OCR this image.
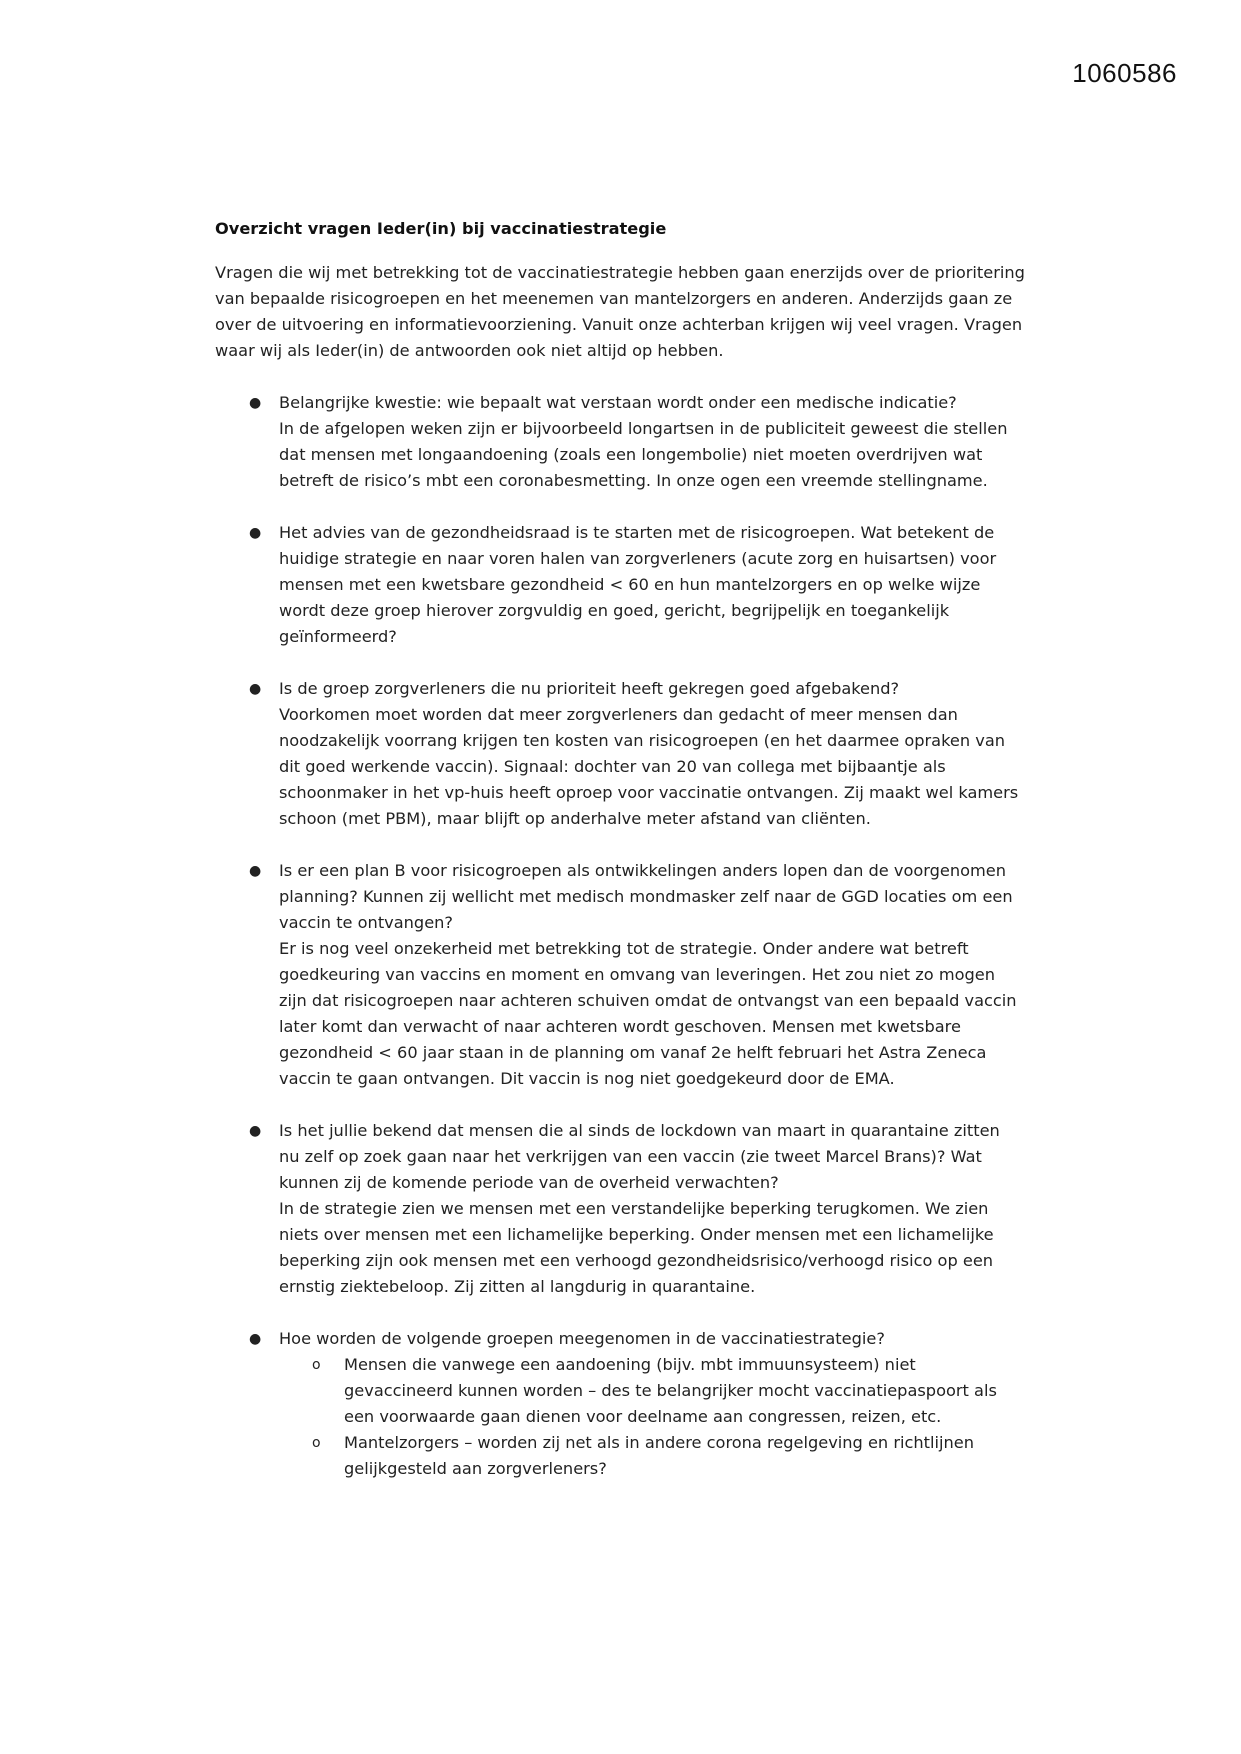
1060586
Overzicht vragen Ieder(in) bij vaccinatiestrategie
Vragen die wij met betrekking tot de vaccinatiestrategie hebben gaan enerzijds over de prioritering van bepaalde risicogroepen en het meenemen van mantelzorgers en anderen. Anderzijds gaan ze over de uitvoering en informatievoorziening. Vanuit onze achterban krijgen wij veel vragen. Vragen waar wij als Ieder(in) de antwoorden ook niet altijd op hebben.
● Belangrijke kwestie: wie bepaalt wat verstaan wordt onder een medische indicatie?
In de afgelopen weken zijn er bijvoorbeeld longartsen in de publiciteit geweest die stellen dat mensen met longaandoening (zoals een longembolie) niet moeten overdrijven wat betreft de risico’s mbt een coronabesmetting. In onze ogen een vreemde stellingname.
● Het advies van de gezondheidsraad is te starten met de risicogroepen. Wat betekent de huidige strategie en naar voren halen van zorgverleners (acute zorg en huisartsen) voor mensen met een kwetsbare gezondheid < 60 en hun mantelzorgers en op welke wijze wordt deze groep hierover zorgvuldig en goed, gericht, begrijpelijk en toegankelijk geïnformeerd?
● Is de groep zorgverleners die nu prioriteit heeft gekregen goed afgebakend?
Voorkomen moet worden dat meer zorgverleners dan gedacht of meer mensen dan noodzakelijk voorrang krijgen ten kosten van risicogroepen (en het daarmee opraken van dit goed werkende vaccin). Signaal: dochter van 20 van collega met bijbaantje als schoonmaker in het vp-huis heeft oproep voor vaccinatie ontvangen. Zij maakt wel kamers schoon (met PBM), maar blijft op anderhalve meter afstand van cliënten.
● Is er een plan B voor risicogroepen als ontwikkelingen anders lopen dan de voorgenomen planning? Kunnen zij wellicht met medisch mondmasker zelf naar de GGD locaties om een vaccin te ontvangen?
Er is nog veel onzekerheid met betrekking tot de strategie. Onder andere wat betreft goedkeuring van vaccins en moment en omvang van leveringen. Het zou niet zo mogen zijn dat risicogroepen naar achteren schuiven omdat de ontvangst van een bepaald vaccin later komt dan verwacht of naar achteren wordt geschoven. Mensen met kwetsbare gezondheid < 60 jaar staan in de planning om vanaf 2e helft februari het Astra Zeneca vaccin te gaan ontvangen. Dit vaccin is nog niet goedgekeurd door de EMA.
● Is het jullie bekend dat mensen die al sinds de lockdown van maart in quarantaine zitten nu zelf op zoek gaan naar het verkrijgen van een vaccin (zie tweet Marcel Brans)? Wat kunnen zij de komende periode van de overheid verwachten?
In de strategie zien we mensen met een verstandelijke beperking terugkomen. We zien niets over mensen met een lichamelijke beperking. Onder mensen met een lichamelijke beperking zijn ook mensen met een verhoogd gezondheidsrisico/verhoogd risico op een ernstig ziektebeloop. Zij zitten al langdurig in quarantaine.
● Hoe worden de volgende groepen meegenomen in de vaccinatiestrategie?
o Mensen die vanwege een aandoening (bijv. mbt immuunsysteem) niet gevaccineerd kunnen worden – des te belangrijker mocht vaccinatiepaspoort als een voorwaarde gaan dienen voor deelname aan congressen, reizen, etc.
o Mantelzorgers – worden zij net als in andere corona regelgeving en richtlijnen gelijkgesteld aan zorgverleners?
